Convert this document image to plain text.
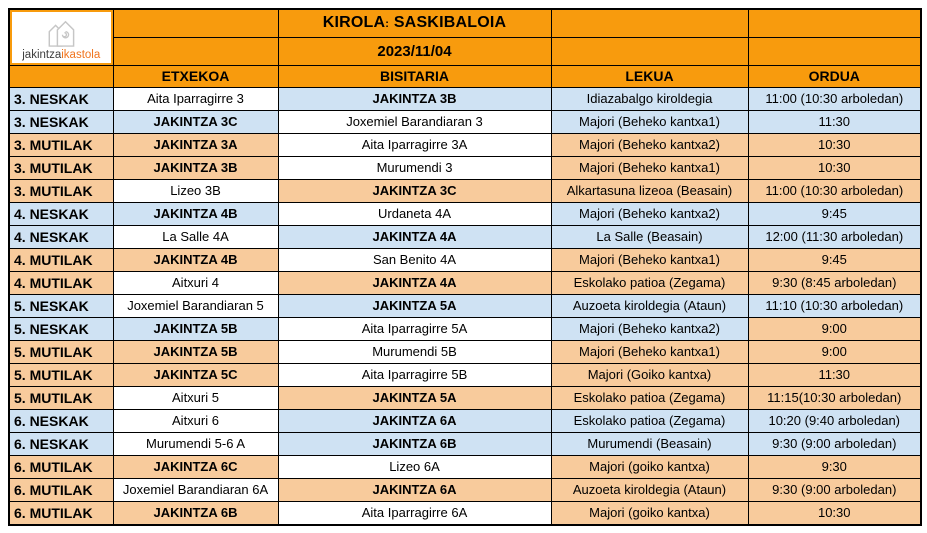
jakintzaikastola		KIROLA: SASKIBALOIA		
		2023/11/04		
	ETXEKOA	BISITARIA	LEKUA	ORDUA
3. NESKAK	Aita Iparragirre 3	JAKINTZA 3B	Idiazabalgo kiroldegia	11:00 (10:30 arboledan)
3. NESKAK	JAKINTZA 3C	Joxemiel Barandiaran 3	Majori (Beheko kantxa1)	11:30
3. MUTILAK	JAKINTZA 3A	Aita Iparragirre 3A	Majori (Beheko kantxa2)	10:30
3. MUTILAK	JAKINTZA 3B	Murumendi 3	Majori (Beheko kantxa1)	10:30
3. MUTILAK	Lizeo 3B	JAKINTZA 3C	Alkartasuna lizeoa (Beasain)	11:00 (10:30 arboledan)
4. NESKAK	JAKINTZA 4B	Urdaneta 4A	Majori (Beheko kantxa2)	9:45
4. NESKAK	La Salle 4A	JAKINTZA 4A	La Salle (Beasain)	12:00 (11:30 arboledan)
4. MUTILAK	JAKINTZA 4B	San Benito 4A	Majori (Beheko kantxa1)	9:45
4. MUTILAK	Aitxuri 4	JAKINTZA 4A	Eskolako patioa (Zegama)	9:30 (8:45 arboledan)
5. NESKAK	Joxemiel Barandiaran 5	JAKINTZA 5A	Auzoeta kiroldegia (Ataun)	11:10 (10:30 arboledan)
5. NESKAK	JAKINTZA 5B	Aita Iparragirre 5A	Majori (Beheko kantxa2)	9:00
5. MUTILAK	JAKINTZA 5B	Murumendi 5B	Majori (Beheko kantxa1)	9:00
5. MUTILAK	JAKINTZA 5C	Aita Iparragirre 5B	Majori (Goiko kantxa)	11:30
5. MUTILAK	Aitxuri 5	JAKINTZA 5A	Eskolako patioa (Zegama)	11:15(10:30 arboledan)
6. NESKAK	Aitxuri 6	JAKINTZA 6A	Eskolako patioa (Zegama)	10:20 (9:40 arboledan)
6. NESKAK	Murumendi 5-6 A	JAKINTZA 6B	Murumendi (Beasain)	9:30 (9:00 arboledan)
6. MUTILAK	JAKINTZA 6C	Lizeo 6A	Majori (goiko kantxa)	9:30
6. MUTILAK	Joxemiel Barandiaran 6A	JAKINTZA 6A	Auzoeta kiroldegia (Ataun)	9:30 (9:00 arboledan)
6. MUTILAK	JAKINTZA 6B	Aita Iparragirre 6A	Majori (goiko kantxa)	10:30
